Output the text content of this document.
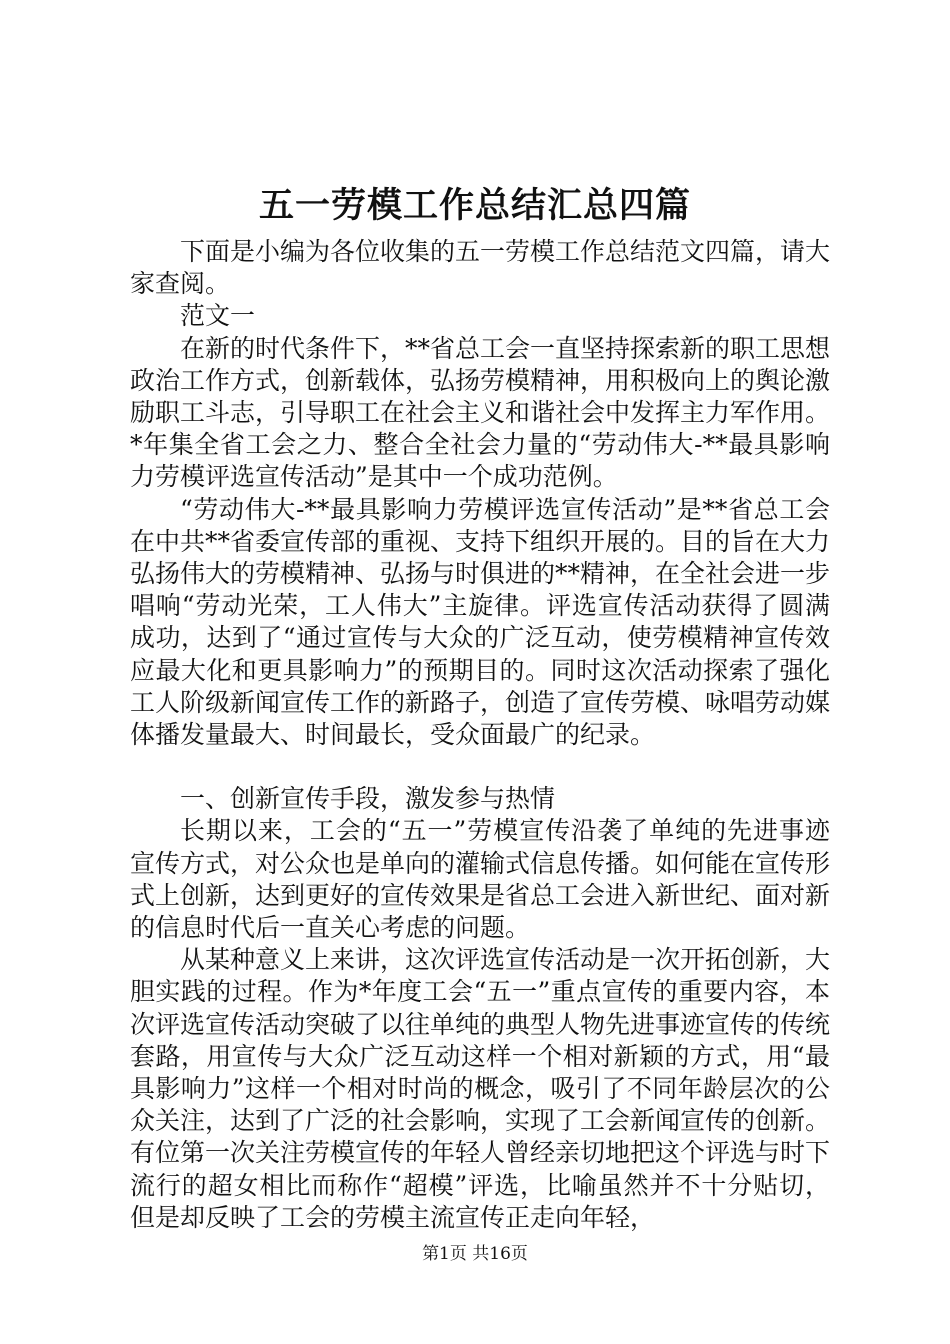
五一劳模工作总结汇总四篇

下面是小编为各位收集的五一劳模工作总结范文四篇，请大家查阅。

范文一

在新的时代条件下，**省总工会一直坚持探索新的职工思想政治工作方式，创新载体，弘扬劳模精神，用积极向上的舆论激励职工斗志，引导职工在社会主义和谐社会中发挥主力军作用。*年集全省工会之力、整合全社会力量的“劳动伟大-**最具影响力劳模评选宣传活动”是其中一个成功范例。

“劳动伟大-**最具影响力劳模评选宣传活动”是**省总工会在中共**省委宣传部的重视、支持下组织开展的。目的旨在大力弘扬伟大的劳模精神、弘扬与时俱进的**精神，在全社会进一步唱响“劳动光荣，工人伟大”主旋律。评选宣传活动获得了圆满成功，达到了“通过宣传与大众的广泛互动，使劳模精神宣传效应最大化和更具影响力”的预期目的。同时这次活动探索了强化工人阶级新闻宣传工作的新路子，创造了宣传劳模、咏唱劳动媒体播发量最大、时间最长，受众面最广的纪录。

一、创新宣传手段，激发参与热情

长期以来，工会的“五一”劳模宣传沿袭了单纯的先进事迹宣传方式，对公众也是单向的灌输式信息传播。如何能在宣传形式上创新，达到更好的宣传效果是省总工会进入新世纪、面对新的信息时代后一直关心考虑的问题。

从某种意义上来讲，这次评选宣传活动是一次开拓创新，大胆实践的过程。作为*年度工会“五一”重点宣传的重要内容，本次评选宣传活动突破了以往单纯的典型人物先进事迹宣传的传统套路，用宣传与大众广泛互动这样一个相对新颖的方式，用“最具影响力”这样一个相对时尚的概念，吸引了不同年龄层次的公众关注，达到了广泛的社会影响，实现了工会新闻宣传的创新。有位第一次关注劳模宣传的年轻人曾经亲切地把这个评选与时下流行的超女相比而称作“超模”评选，比喻虽然并不十分贴切，但是却反映了工会的劳模主流宣传正走向年轻，

第1页 共16页
